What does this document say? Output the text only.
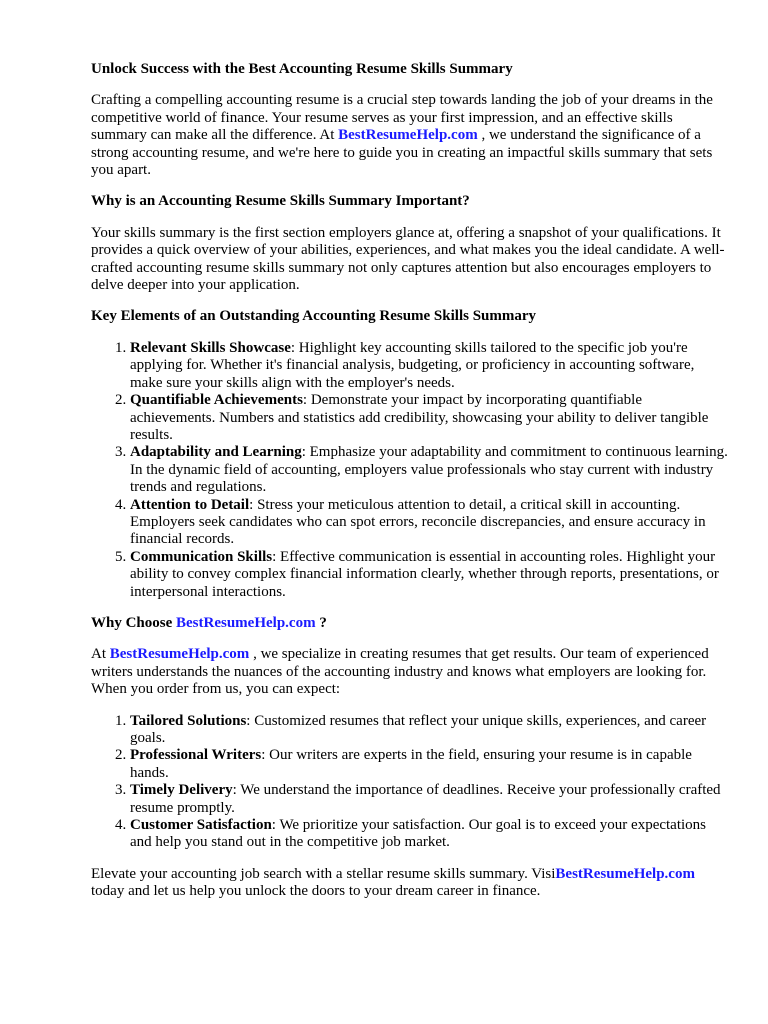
Unlock Success with the Best Accounting Resume Skills Summary

Crafting a compelling accounting resume is a crucial step towards landing the job of your dreams in the competitive world of finance. Your resume serves as your first impression, and an effective skills summary can make all the difference. At BestResumeHelp.com , we understand the significance of a strong accounting resume, and we're here to guide you in creating an impactful skills summary that sets you apart.

Why is an Accounting Resume Skills Summary Important?

Your skills summary is the first section employers glance at, offering a snapshot of your qualifications. It provides a quick overview of your abilities, experiences, and what makes you the ideal candidate. A well-crafted accounting resume skills summary not only captures attention but also encourages employers to delve deeper into your application.

Key Elements of an Outstanding Accounting Resume Skills Summary
1. Relevant Skills Showcase: Highlight key accounting skills tailored to the specific job you're applying for. Whether it's financial analysis, budgeting, or proficiency in accounting software, make sure your skills align with the employer's needs.
2. Quantifiable Achievements: Demonstrate your impact by incorporating quantifiable achievements. Numbers and statistics add credibility, showcasing your ability to deliver tangible results.
3. Adaptability and Learning: Emphasize your adaptability and commitment to continuous learning. In the dynamic field of accounting, employers value professionals who stay current with industry trends and regulations.
4. Attention to Detail: Stress your meticulous attention to detail, a critical skill in accounting. Employers seek candidates who can spot errors, reconcile discrepancies, and ensure accuracy in financial records.
5. Communication Skills: Effective communication is essential in accounting roles. Highlight your ability to convey complex financial information clearly, whether through reports, presentations, or interpersonal interactions.
Why Choose BestResumeHelp.com ?

At BestResumeHelp.com , we specialize in creating resumes that get results. Our team of experienced writers understands the nuances of the accounting industry and knows what employers are looking for. When you order from us, you can expect:

1. Tailored Solutions: Customized resumes that reflect your unique skills, experiences, and career goals.
2. Professional Writers: Our writers are experts in the field, ensuring your resume is in capable hands.
3. Timely Delivery: We understand the importance of deadlines. Receive your professionally crafted resume promptly.
4. Customer Satisfaction: We prioritize your satisfaction. Our goal is to exceed your expectations and help you stand out in the competitive job market.

Elevate your accounting job search with a stellar resume skills summary. VisiBestResumeHelp.com today and let us help you unlock the doors to your dream career in finance.
